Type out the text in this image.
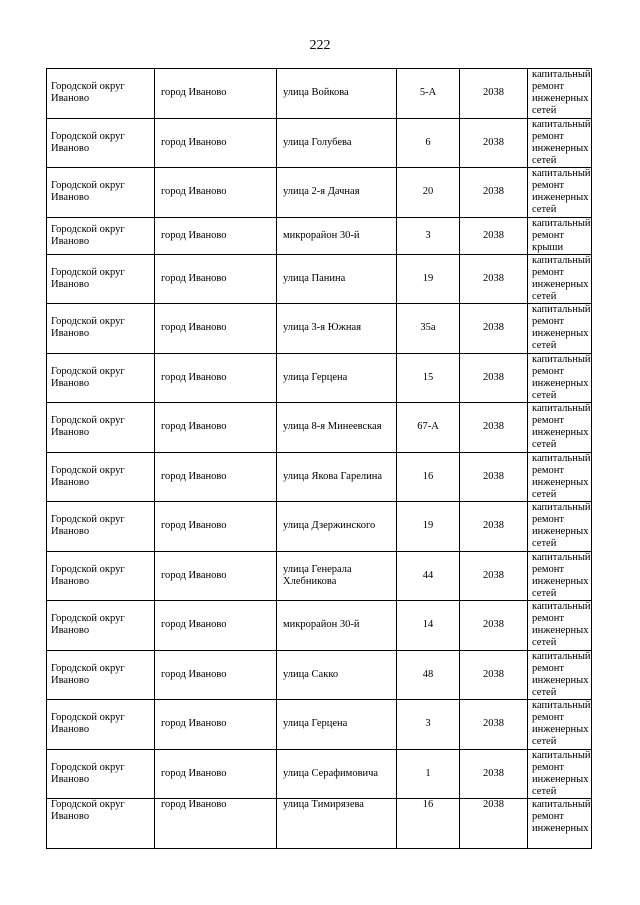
222
Городской округ Иваново	город Иваново	улица Войкова	5-А	2038	капитальный ремонт инженерных сетей
Городской округ Иваново	город Иваново	улица Голубева	6	2038	капитальный ремонт инженерных сетей
Городской округ Иваново	город Иваново	улица 2-я Дачная	20	2038	капитальный ремонт инженерных сетей
Городской округ Иваново	город Иваново	микрорайон 30-й	3	2038	капитальный ремонт крыши
Городской округ Иваново	город Иваново	улица Панина	19	2038	капитальный ремонт инженерных сетей
Городской округ Иваново	город Иваново	улица 3-я Южная	35а	2038	капитальный ремонт инженерных сетей
Городской округ Иваново	город Иваново	улица Герцена	15	2038	капитальный ремонт инженерных сетей
Городской округ Иваново	город Иваново	улица 8-я Минеевская	67-А	2038	капитальный ремонт инженерных сетей
Городской округ Иваново	город Иваново	улица Якова Гарелина	16	2038	капитальный ремонт инженерных сетей
Городской округ Иваново	город Иваново	улица Дзержинского	19	2038	капитальный ремонт инженерных сетей
Городской округ Иваново	город Иваново	улица Генерала Хлебникова	44	2038	капитальный ремонт инженерных сетей
Городской округ Иваново	город Иваново	микрорайон 30-й	14	2038	капитальный ремонт инженерных сетей
Городской округ Иваново	город Иваново	улица Сакко	48	2038	капитальный ремонт инженерных сетей
Городской округ Иваново	город Иваново	улица Герцена	3	2038	капитальный ремонт инженерных сетей
Городской округ Иваново	город Иваново	улица Серафимовича	1	2038	капитальный ремонт инженерных сетей
Городской округ Иваново	город Иваново	улица Тимирязева	16	2038	капитальный ремонт инженерных
